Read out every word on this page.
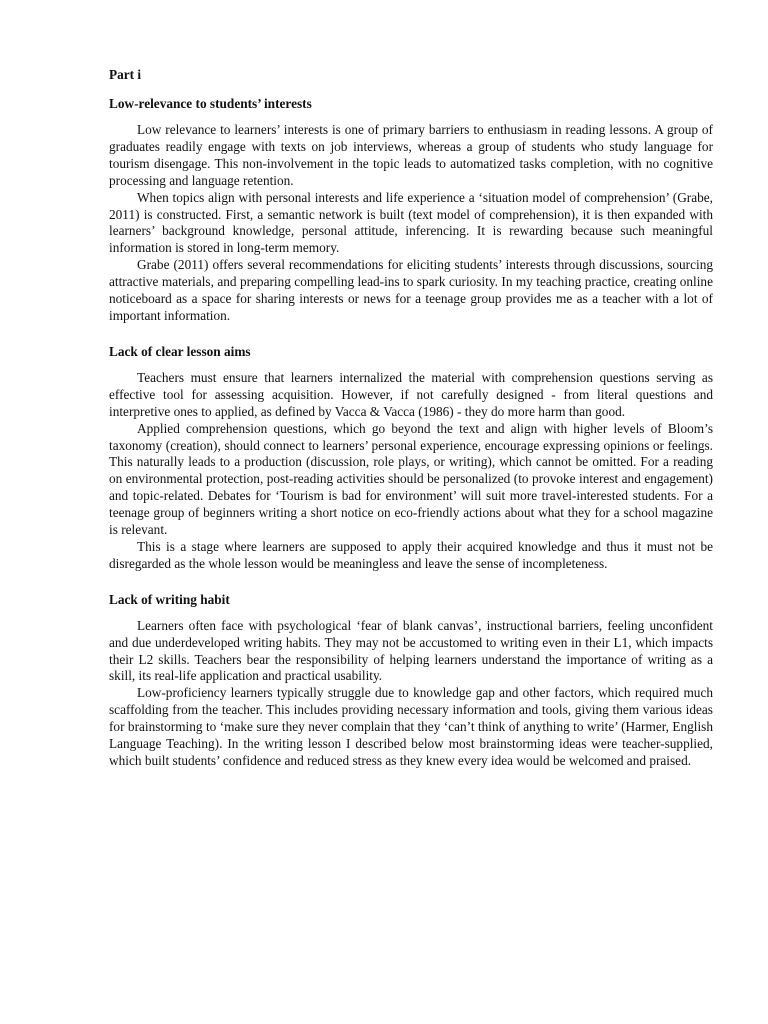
Part i
Low-relevance to students’ interests

Low relevance to learners’ interests is one of primary barriers to enthusiasm in reading lessons. A group of graduates readily engage with texts on job interviews, whereas a group of students who study language for tourism disengage. This non-involvement in the topic leads to automatized tasks completion, with no cognitive processing and language retention.

When topics align with personal interests and life experience a ‘situation model of comprehension’ (Grabe, 2011) is constructed. First, a semantic network is built (text model of comprehension), it is then expanded with learners’ background knowledge, personal attitude, inferencing. It is rewarding because such meaningful information is stored in long-term memory.

Grabe (2011) offers several recommendations for eliciting students’ interests through discussions, sourcing attractive materials, and preparing compelling lead-ins to spark curiosity. In my teaching practice, creating online noticeboard as a space for sharing interests or news for a teenage group provides me as a teacher with a lot of important information.

Lack of clear lesson aims

Teachers must ensure that learners internalized the material with comprehension questions serving as effective tool for assessing acquisition. However, if not carefully designed - from literal questions and interpretive ones to applied, as defined by Vacca & Vacca (1986) - they do more harm than good.

Applied comprehension questions, which go beyond the text and align with higher levels of Bloom’s taxonomy (creation), should connect to learners’ personal experience, encourage expressing opinions or feelings. This naturally leads to a production (discussion, role plays, or writing), which cannot be omitted. For a reading on environmental protection, post-reading activities should be personalized (to provoke interest and engagement) and topic-related. Debates for ‘Tourism is bad for environment’ will suit more travel-interested students. For a teenage group of beginners writing a short notice on eco-friendly actions about what they for a school magazine is relevant.

This is a stage where learners are supposed to apply their acquired knowledge and thus it must not be disregarded as the whole lesson would be meaningless and leave the sense of incompleteness.

Lack of writing habit

Learners often face with psychological ‘fear of blank canvas’, instructional barriers, feeling unconfident and due underdeveloped writing habits. They may not be accustomed to writing even in their L1, which impacts their L2 skills. Teachers bear the responsibility of helping learners understand the importance of writing as a skill, its real-life application and practical usability.

Low-proficiency learners typically struggle due to knowledge gap and other factors, which required much scaffolding from the teacher. This includes providing necessary information and tools, giving them various ideas for brainstorming to ‘make sure they never complain that they ‘can’t think of anything to write’ (Harmer, English Language Teaching). In the writing lesson I described below most brainstorming ideas were teacher-supplied, which built students’ confidence and reduced stress as they knew every idea would be welcomed and praised.
